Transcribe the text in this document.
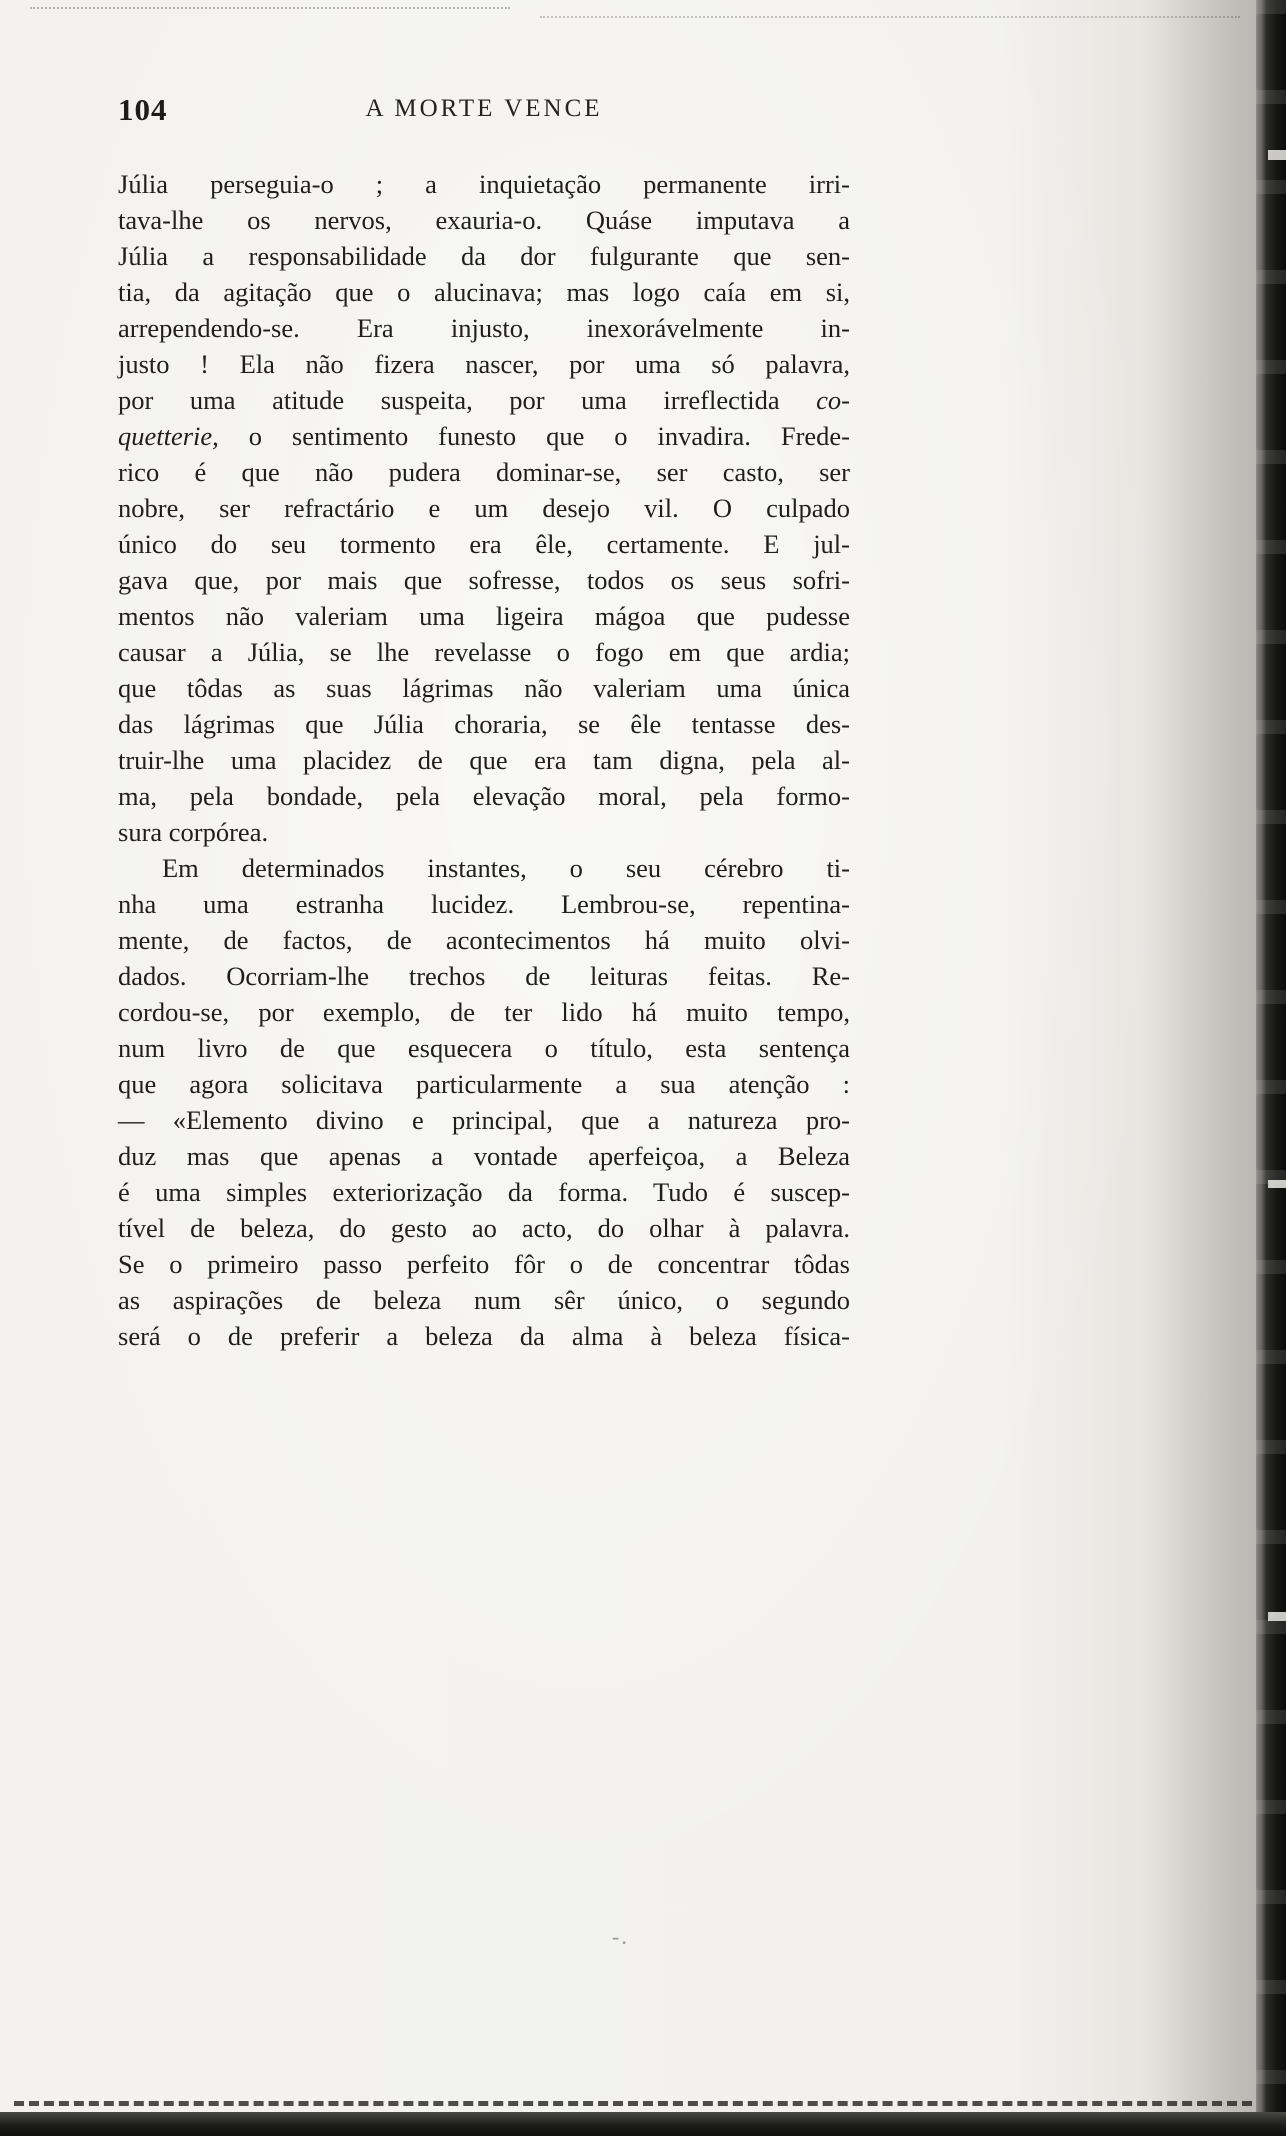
104	A MORTE VENCE
Júlia perseguia-o ; a inquietação permanente irri-
tava-lhe os nervos, exauria-o. Quáse imputava a
Júlia a responsabilidade da dor fulgurante que sen-
tia, da agitação que o alucinava; mas logo caía em si,
arrependendo-se. Era injusto, inexorávelmente in-
justo ! Ela não fizera nascer, por uma só palavra,
por uma atitude suspeita, por uma irreflectida co-
quetterie, o sentimento funesto que o invadira. Frede-
rico é que não pudera dominar-se, ser casto, ser
nobre, ser refractário e um desejo vil. O culpado
único do seu tormento era êle, certamente. E jul-
gava que, por mais que sofresse, todos os seus sofri-
mentos não valeriam uma ligeira mágoa que pudesse
causar a Júlia, se lhe revelasse o fogo em que ardia;
que tôdas as suas lágrimas não valeriam uma única
das lágrimas que Júlia choraria, se êle tentasse des-
truir-lhe uma placidez de que era tam digna, pela al-
ma, pela bondade, pela elevação moral, pela formo-
sura corpórea.
Em determinados instantes, o seu cérebro ti-
nha uma estranha lucidez. Lembrou-se, repentina-
mente, de factos, de acontecimentos há muito olvi-
dados. Ocorriam-lhe trechos de leituras feitas. Re-
cordou-se, por exemplo, de ter lido há muito tempo,
num livro de que esquecera o título, esta sentença
que agora solicitava particularmente a sua atenção :
— «Elemento divino e principal, que a natureza pro-
duz mas que apenas a vontade aperfeiçoa, a Beleza
é uma simples exteriorização da forma. Tudo é suscep-
tível de beleza, do gesto ao acto, do olhar à palavra.
Se o primeiro passo perfeito fôr o de concentrar tôdas
as aspirações de beleza num sêr único, o segundo
será o de preferir a beleza da alma à beleza física-
-.
